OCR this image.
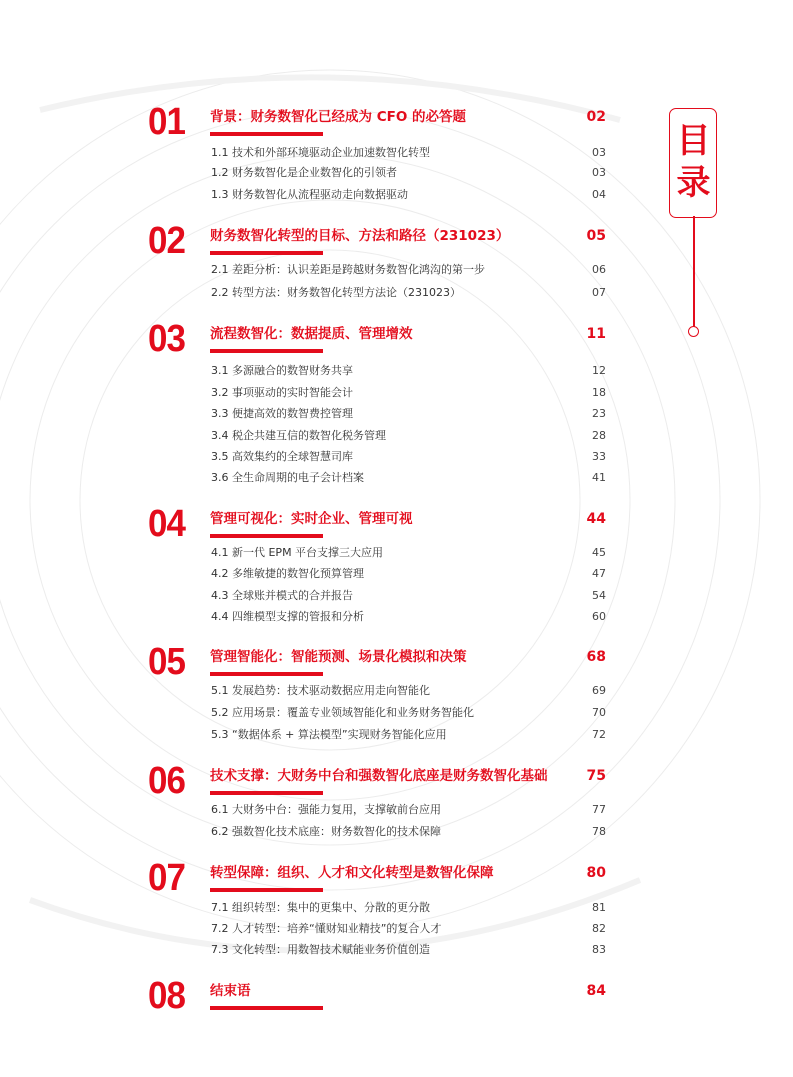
目
录
01 背景：财务数智化已经成为 CFO 的必答题	02
1.1 技术和外部环境驱动企业加速数智化转型	03
1.2 财务数智化是企业数智化的引领者	03
1.3 财务数智化从流程驱动走向数据驱动	04
02 财务数智化转型的目标、方法和路径（231023）	05
2.1 差距分析：认识差距是跨越财务数智化鸿沟的第一步	06
2.2 转型方法：财务数智化转型方法论（231023）	07
03 流程数智化：数据提质、管理增效	11
3.1 多源融合的数智财务共享	12
3.2 事项驱动的实时智能会计	18
3.3 便捷高效的数智费控管理	23
3.4 税企共建互信的数智化税务管理	28
3.5 高效集约的全球智慧司库	33
3.6 全生命周期的电子会计档案	41
04 管理可视化：实时企业、管理可视	44
4.1 新一代 EPM 平台支撑三大应用	45
4.2 多维敏捷的数智化预算管理	47
4.3 全球账并模式的合并报告	54
4.4 四维模型支撑的管报和分析	60
05 管理智能化：智能预测、场景化模拟和决策	68
5.1 发展趋势：技术驱动数据应用走向智能化	69
5.2 应用场景：覆盖专业领域智能化和业务财务智能化	70
5.3 “数据体系 + 算法模型”实现财务智能化应用	72
06 技术支撑：大财务中台和强数智化底座是财务数智化基础	75
6.1 大财务中台：强能力复用，支撑敏前台应用	77
6.2 强数智化技术底座：财务数智化的技术保障	78
07 转型保障：组织、人才和文化转型是数智化保障	80
7.1 组织转型：集中的更集中、分散的更分散	81
7.2 人才转型：培养“懂财知业精技”的复合人才	82
7.3 文化转型：用数智技术赋能业务价值创造	83
08 结束语	84
